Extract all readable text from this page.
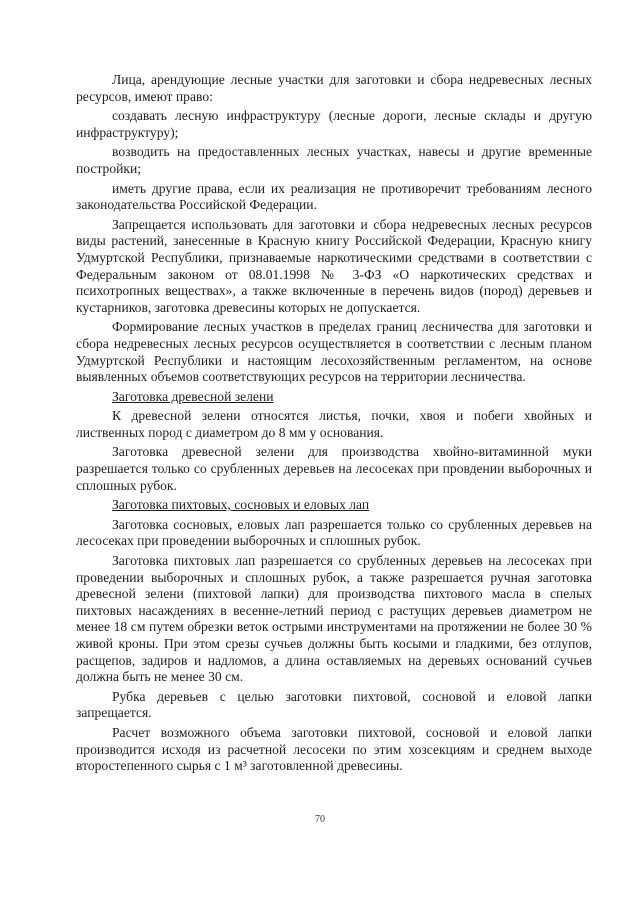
Лица, арендующие лесные участки для заготовки и сбора недревесных лесных ресурсов, имеют право:

создавать лесную инфраструктуру (лесные дороги, лесные склады и другую инфраструктуру);

возводить на предоставленных лесных участках, навесы и другие временные постройки;

иметь другие права, если их реализация не противоречит требованиям лесного законодательства Российской Федерации.

Запрещается использовать для заготовки и сбора недревесных лесных ресурсов виды растений, занесенные в Красную книгу Российской Федерации, Красную книгу Удмуртской Республики, признаваемые наркотическими средствами в соответствии с Федеральным законом от 08.01.1998 № 3-ФЗ «О наркотических средствах и психотропных веществах», а также включенные в перечень видов (пород) деревьев и кустарников, заготовка древесины которых не допускается.

Формирование лесных участков в пределах границ лесничества для заготовки и сбора недревесных лесных ресурсов осуществляется в соответствии с лесным планом Удмуртской Республики и настоящим лесохозяйственным регламентом, на основе выявленных объемов соответствующих ресурсов на территории лесничества.

Заготовка древесной зелени

К древесной зелени относятся листья, почки, хвоя и побеги хвойных и лиственных пород с диаметром до 8 мм у основания.

Заготовка древесной зелени для производства хвойно-витаминной муки разрешается только со срубленных деревьев на лесосеках при провдении выборочных и сплошных рубок.

Заготовка пихтовых, сосновых и еловых лап

Заготовка сосновых, еловых лап разрешается только со срубленных деревьев на лесосеках при проведении выборочных и сплошных рубок.

Заготовка пихтовых лап разрешается со срубленных деревьев на лесосеках при проведении выборочных и сплошных рубок, а также разрешается ручная заготовка древесной зелени (пихтовой лапки) для производства пихтового масла в спелых пихтовых насаждениях в весенне-летний период с растущих деревьев диаметром не менее 18 см путем обрезки веток острыми инструментами на протяжении не более 30 % живой кроны. При этом срезы сучьев должны быть косыми и гладкими, без отлупов, расщепов, задиров и надломов, а длина оставляемых на деревьях оснований сучьев должна быть не менее 30 см.

Рубка деревьев с целью заготовки пихтовой, сосновой и еловой лапки запрещается.

Расчет возможного объема заготовки пихтовой, сосновой и еловой лапки производится исходя из расчетной лесосеки по этим хозсекциям и среднем выходе второстепенного сырья с 1 м³ заготовленной древесины.

70
